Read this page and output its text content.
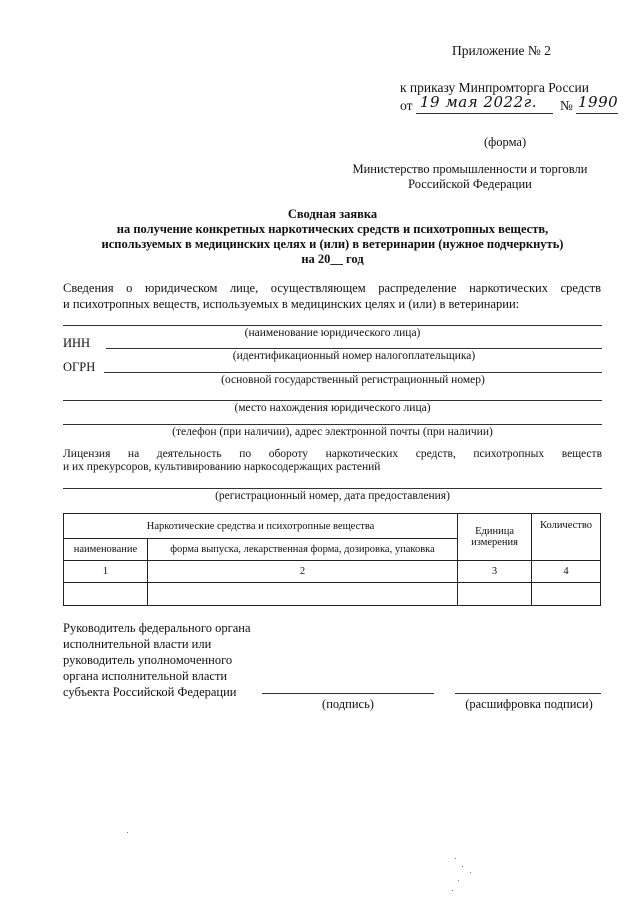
Приложение № 2
к приказу Минпромторга России
от 19 мая 2022г. № 1990
(форма)
Министерство промышленности и торговли
Российской Федерации
Сводная заявка
на получение конкретных наркотических средств и психотропных веществ,
используемых в медицинских целях и (или) в ветеринарии (нужное подчеркнуть)
на 20__ год
Сведения о юридическом лице, осуществляющем распределение наркотических средств
и психотропных веществ, используемых в медицинских целях и (или) в ветеринарии:
(наименование юридического лица)
ИНН
(идентификационный номер налогоплательщика)
ОГРН
(основной государственный регистрационный номер)
(место нахождения юридического лица)
(телефон (при наличии), адрес электронной почты (при наличии)
Лицензия на деятельность по обороту наркотических средств, психотропных веществ
и их прекурсоров, культивированию наркосодержащих растений
(регистрационный номер, дата предоставления)
Наркотические средства и психотропные вещества		Единица измерения	Количество
наименование	форма выпуска, лекарственная форма, дозировка, упаковка		
1	2	3	4

Руководитель федерального органа
исполнительной власти или
руководитель уполномоченного
органа исполнительной власти
субъекта Российской Федерации
(подпись)	(расшифровка подписи)
